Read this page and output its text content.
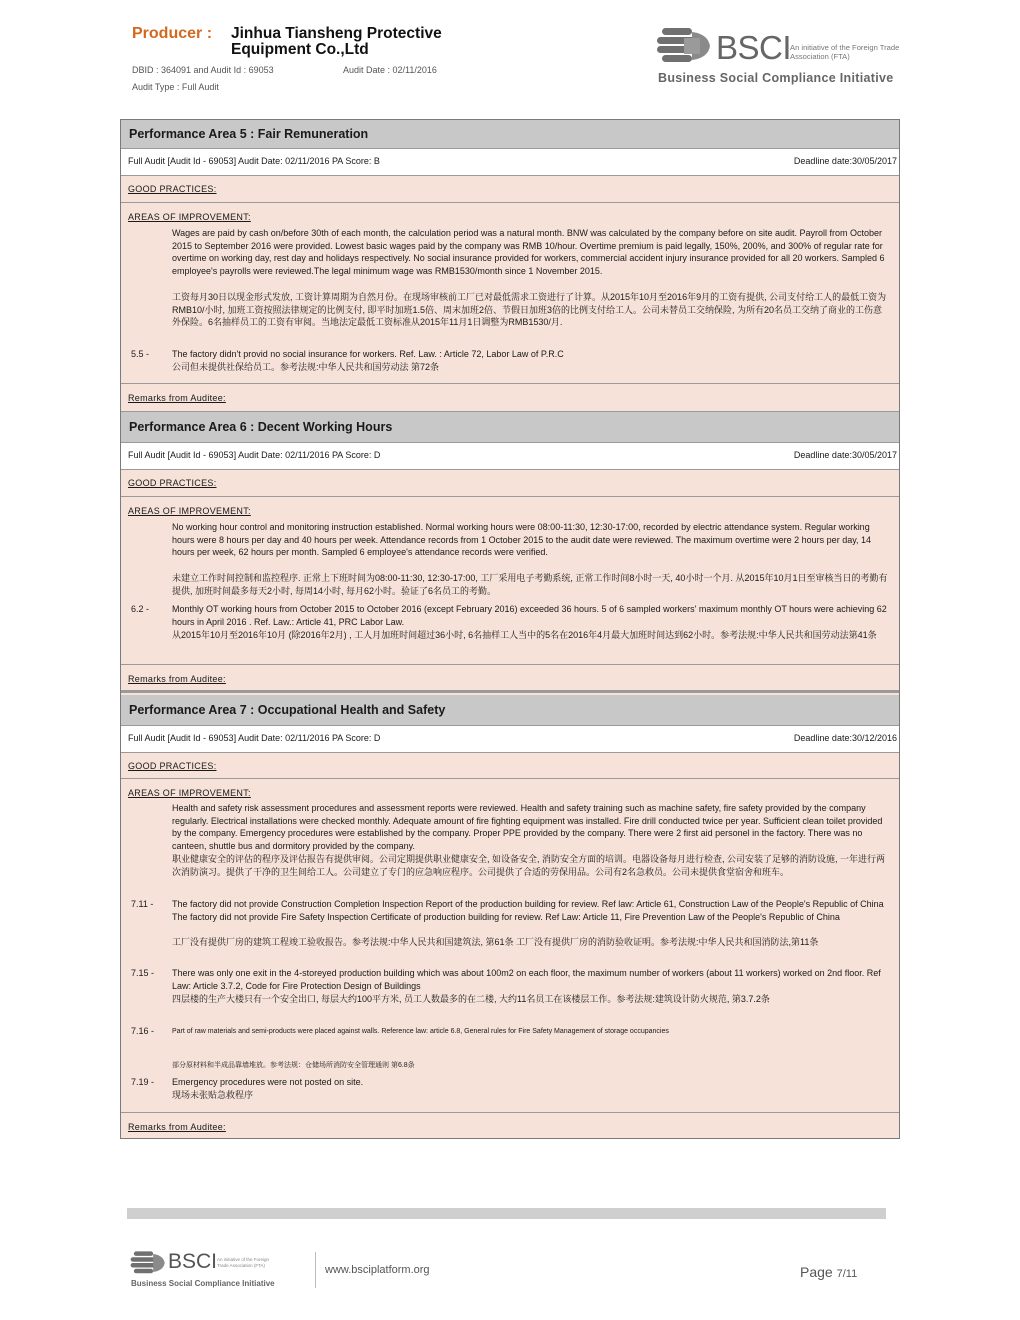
Producer : Jinhua Tiansheng Protective
Equipment Co.,Ltd
DBID : 364091 and Audit Id : 69053	Audit Date : 02/11/2016
Audit Type : Full Audit
BSCI
An initiative of the Foreign Trade Association (FTA)
Business Social Compliance Initiative
Performance Area 5 : Fair Remuneration
Full Audit [Audit Id - 69053] Audit Date: 02/11/2016 PA Score: B	Deadline date:30/05/2017
GOOD PRACTICES:
AREAS OF IMPROVEMENT:
Wages are paid by cash on/before 30th of each month, the calculation period was a natural month. BNW was calculated by the company before on site audit. Payroll from October 2015 to September 2016 were provided. Lowest basic wages paid by the company was RMB 10/hour. Overtime premium is paid legally, 150%, 200%, and 300% of regular rate for overtime on working day, rest day and holidays respectively. No social insurance provided for workers, commercial accident injury insurance provided for all 20 workers. Sampled 6 employee's payrolls were reviewed.The legal minimum wage was RMB1530/month since 1 November 2015.
工资每月30日以现金形式发放, 工资计算周期为自然月份。在现场审核前工厂已对最低需求工资进行了计算。从2015年10月至2016年9月的工资有提供, 公司支付给工人的最低工资为 RMB10/小时, 加班工资按照法律规定的比例支付, 即平时加班1.5倍、周末加班2倍、节假日加班3倍的比例支付给工人。公司未替员工交纳保险, 为所有20名员工交纳了商业的工伤意外保险。6名抽样员工的工资有审阅。当地法定最低工资标准从2015年11月1日调整为RMB1530/月.
5.5 -	The factory didn't provid no social insurance for workers. Ref. Law. : Article 72, Labor Law of P.R.C
公司但未提供社保给员工。参考法规:中华人民共和国劳动法 第72条
Remarks from Auditee:
Performance Area 6 : Decent Working Hours
Full Audit [Audit Id - 69053] Audit Date: 02/11/2016 PA Score: D	Deadline date:30/05/2017
GOOD PRACTICES:
AREAS OF IMPROVEMENT:
No working hour control and monitoring instruction established. Normal working hours were 08:00-11:30, 12:30-17:00, recorded by electric attendance system. Regular working hours were 8 hours per day and 40 hours per week. Attendance records from 1 October 2015 to the audit date were reviewed. The maximum overtime were 2 hours per day, 14 hours per week, 62 hours per month. Sampled 6 employee's attendance records were verified.
未建立工作时间控制和监控程序. 正常上下班时间为08:00-11:30, 12:30-17:00, 工厂采用电子考勤系统, 正常工作时间8小时一天, 40小时一个月. 从2015年10月1日至审核当日的考勤有提供, 加班时间最多每天2小时, 每周14小时, 每月62小时。验证了6名员工的考勤。
6.2 -	Monthly OT working hours from October 2015 to October 2016 (except February 2016) exceeded 36 hours. 5 of 6 sampled workers' maximum monthly OT hours were achieving 62 hours in April 2016 . Ref. Law.: Article 41, PRC Labor Law.
从2015年10月至2016年10月 (除2016年2月) , 工人月加班时间超过36小时, 6名抽样工人当中的5名在2016年4月最大加班时间达到62小时。参考法规:中华人民共和国劳动法第41条
Remarks from Auditee:
Performance Area 7 : Occupational Health and Safety
Full Audit [Audit Id - 69053] Audit Date: 02/11/2016 PA Score: D	Deadline date:30/12/2016
GOOD PRACTICES:
AREAS OF IMPROVEMENT:
Health and safety risk assessment procedures and assessment reports were reviewed. Health and safety training such as machine safety, fire safety provided by the company regularly. Electrical installations were checked monthly. Adequate amount of fire fighting equipment was installed. Fire drill conducted twice per year. Sufficient clean toilet provided by the company. Emergency procedures were established by the company. Proper PPE provided by the company. There were 2 first aid personel in the factory. There was no canteen, shuttle bus and dormitory provided by the company.
职业健康安全的评估的程序及评估报告有提供审阅。公司定期提供职业健康安全, 如设备安全, 消防安全方面的培训。电器设备每月进行检查, 公司安装了足够的消防设施, 一年进行两次消防演习。提供了干净的卫生间给工人。公司建立了专门的应急响应程序。公司提供了合适的劳保用品。公司有2名急救员。公司未提供食堂宿舍和班车。
7.11 - The factory did not provide Construction Completion Inspection Report of the production building for review. Ref law: Article 61, Construction Law of the People's Republic of China The factory did not provide Fire Safety Inspection Certificate of production building for review. Ref Law: Article 11, Fire Prevention Law of the People's Republic of China
工厂没有提供厂房的建筑工程竣工验收报告。参考法规:中华人民共和国建筑法, 第61条 工厂没有提供厂房的消防验收证明。参考法规:中华人民共和国消防法,第11条
7.15 - There was only one exit in the 4-storeyed production building which was about 100m2 on each floor, the maximum number of workers (about 11 workers) worked on 2nd floor. Ref Law: Article 3.7.2, Code for Fire Protection Design of Buildings
四层楼的生产大楼只有一个安全出口, 每层大约100平方米, 员工人数最多的在二楼, 大约11名员工在该楼层工作。参考法规:建筑设计防火规范, 第3.7.2条
7.16 -	Part of raw materials and semi-products were placed against walls. Reference law: article 6.8, General rules for Fire Safety Management of storage occupancies
部分原材料和半成品靠墙堆放。参考法规：仓储场所消防安全管理通则 第6.8条
7.19 - Emergency procedures were not posted on site.
现场未张贴急救程序
Remarks from Auditee:
BSCI An initiative of the Foreign Trade Association (FTA)
Business Social Compliance Initiative
www.bsciplatform.org	Page 7/11
